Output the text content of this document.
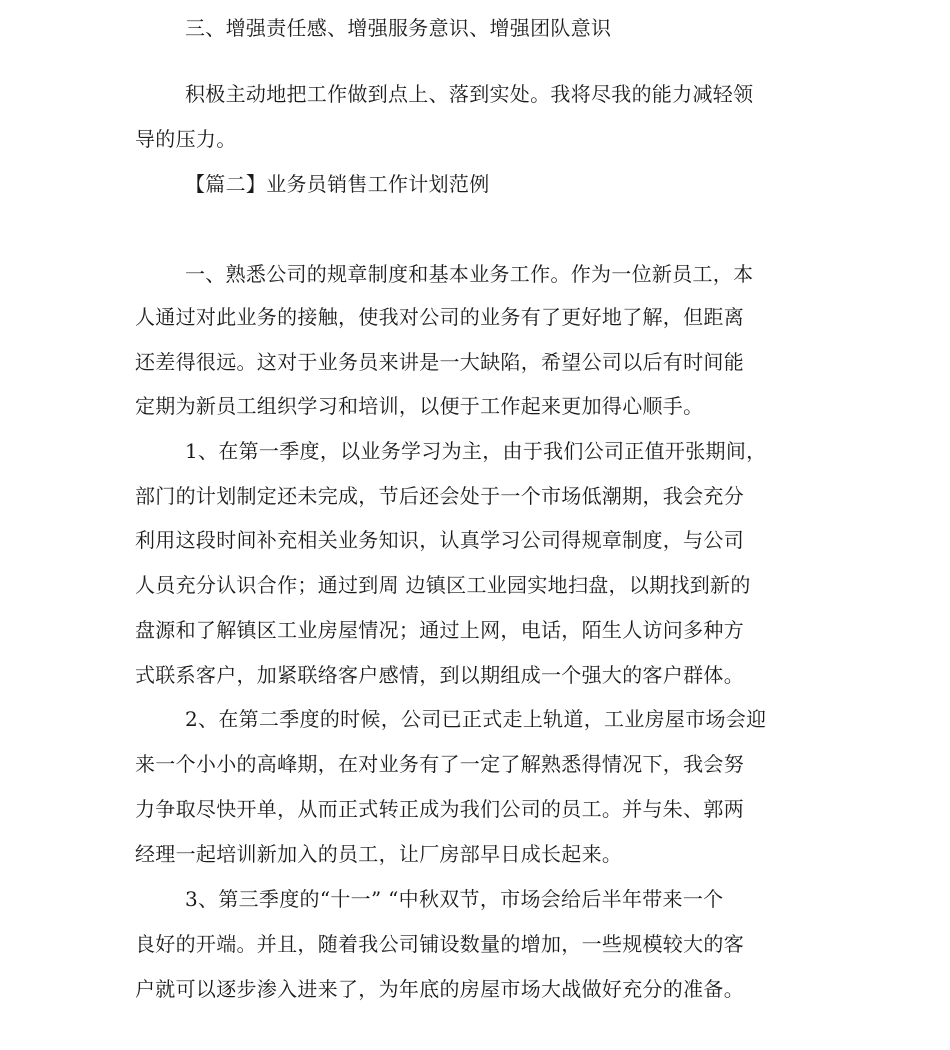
三、增强责任感、增强服务意识、增强团队意识
积极主动地把工作做到点上、落到实处。我将尽我的能力减轻领
导的压力。
【篇二】业务员销售工作计划范例
一、熟悉公司的规章制度和基本业务工作。作为一位新员工，本
人通过对此业务的接触，使我对公司的业务有了更好地了解，但距离
还差得很远。这对于业务员来讲是一大缺陷，希望公司以后有时间能
定期为新员工组织学习和培训，以便于工作起来更加得心顺手。
1、在第一季度，以业务学习为主，由于我们公司正值开张期间，
部门的计划制定还未完成，节后还会处于一个市场低潮期，我会充分
利用这段时间补充相关业务知识，认真学习公司得规章制度，与公司
人员充分认识合作；通过到周 边镇区工业园实地扫盘，以期找到新的
盘源和了解镇区工业房屋情况；通过上网，电话，陌生人访问多种方
式联系客户，加紧联络客户感情，到以期组成一个强大的客户群体。
2、在第二季度的时候，公司已正式走上轨道，工业房屋市场会迎
来一个小小的高峰期，在对业务有了一定了解熟悉得情况下，我会努
力争取尽快开单，从而正式转正成为我们公司的员工。并与朱、郭两
经理一起培训新加入的员工，让厂房部早日成长起来。
3、第三季度的“十一” “中秋双节，市场会给后半年带来一个
良好的开端。并且，随着我公司铺设数量的增加，一些规模较大的客
户就可以逐步渗入进来了，为年底的房屋市场大战做好充分的准备。
